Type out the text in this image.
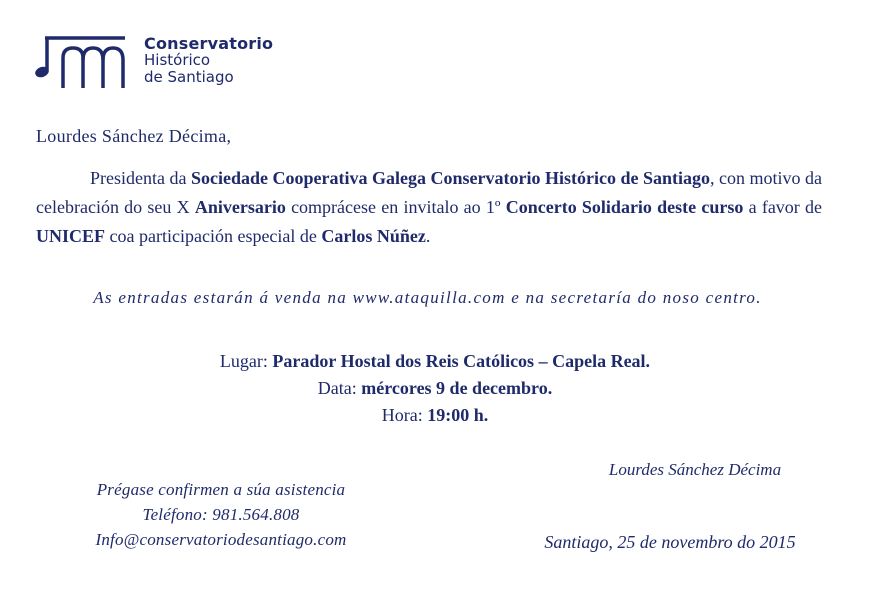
Conservatorio
Histórico
de Santiago
Lourdes Sánchez Décima,
Presidenta da Sociedade Cooperativa Galega Conservatorio Histórico de Santiago, con motivo da celebración do seu X Aniversario comprácese en invitalo ao 1º Concerto Solidario deste curso a favor de UNICEF coa participación especial de Carlos Núñez.
As entradas estarán á venda na www.ataquilla.com e na secretaría do noso centro.
Lugar: Parador Hostal dos Reis Católicos – Capela Real.
Data: mércores 9 de decembro.
Hora: 19:00 h.
Prégase confirmen a súa asistencia
Teléfono: 981.564.808
Info@conservatoriodesantiago.com
Lourdes Sánchez Décima
Santiago, 25 de novembro do 2015
